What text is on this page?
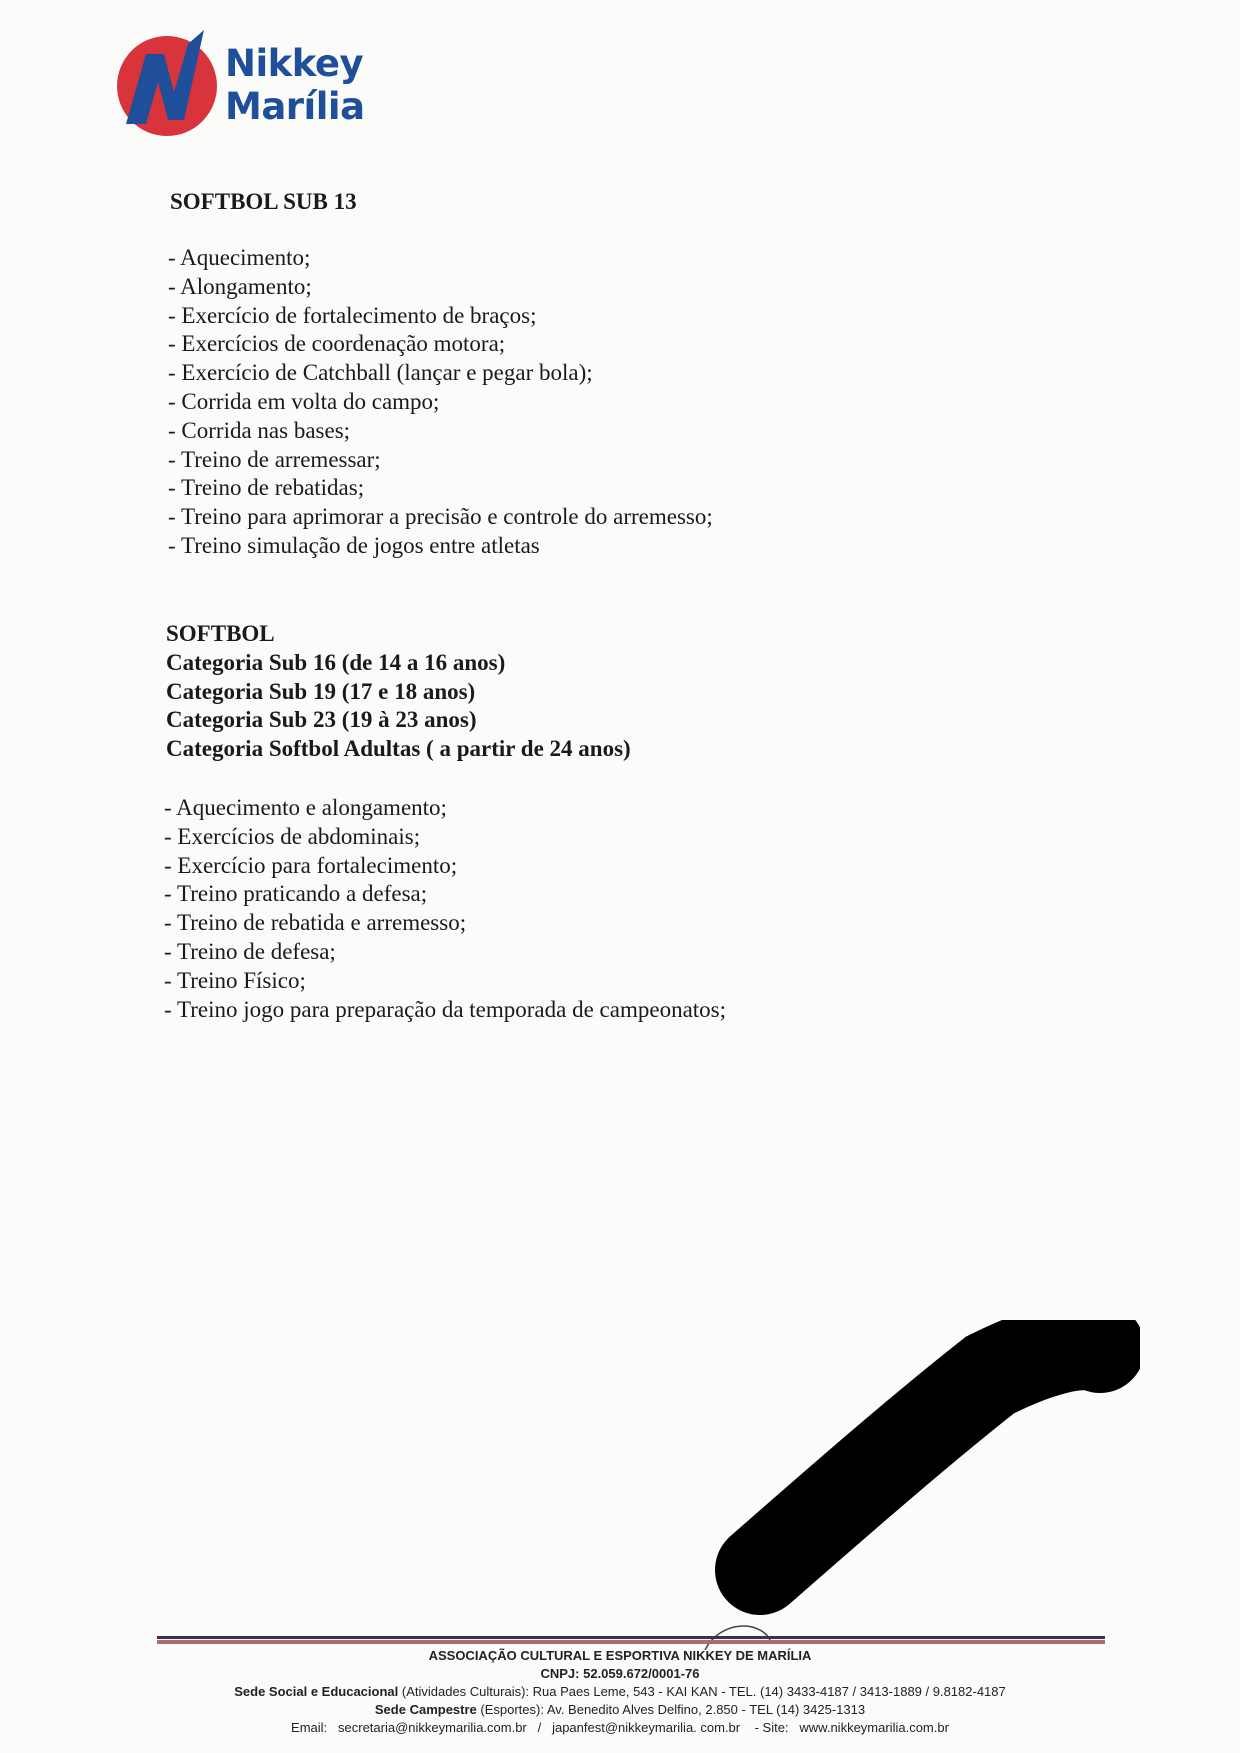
Nikkey
Marília
SOFTBOL SUB 13
- Aquecimento;
- Alongamento;
- Exercício de fortalecimento de braços;
- Exercícios de coordenação motora;
- Exercício de Catchball (lançar e pegar bola);
- Corrida em volta do campo;
- Corrida nas bases;
- Treino de arremessar;
- Treino de rebatidas;
- Treino para aprimorar a precisão e controle do arremesso;
- Treino simulação de jogos entre atletas
SOFTBOL
Categoria Sub 16 (de 14 a 16 anos)
Categoria Sub 19 (17 e 18 anos)
Categoria Sub 23 (19 à 23 anos)
Categoria Softbol Adultas ( a partir de 24 anos)
- Aquecimento e alongamento;
- Exercícios de abdominais;
- Exercício para fortalecimento;
- Treino praticando a defesa;
- Treino de rebatida e arremesso;
- Treino de defesa;
- Treino Físico;
- Treino jogo para preparação da temporada de campeonatos;
ASSOCIAÇÃO CULTURAL E ESPORTIVA NIKKEY DE MARÍLIA
CNPJ: 52.059.672/0001-76
Sede Social e Educacional (Atividades Culturais): Rua Paes Leme, 543 - KAI KAN - TEL. (14) 3433-4187 / 3413-1889 / 9.8182-4187
Sede Campestre (Esportes): Av. Benedito Alves Delfino, 2.850 - TEL (14) 3425-1313
Email: secretaria@nikkeymarilia.com.br / japanfest@nikkeymarilia. com.br - Site: www.nikkeymarilia.com.br
